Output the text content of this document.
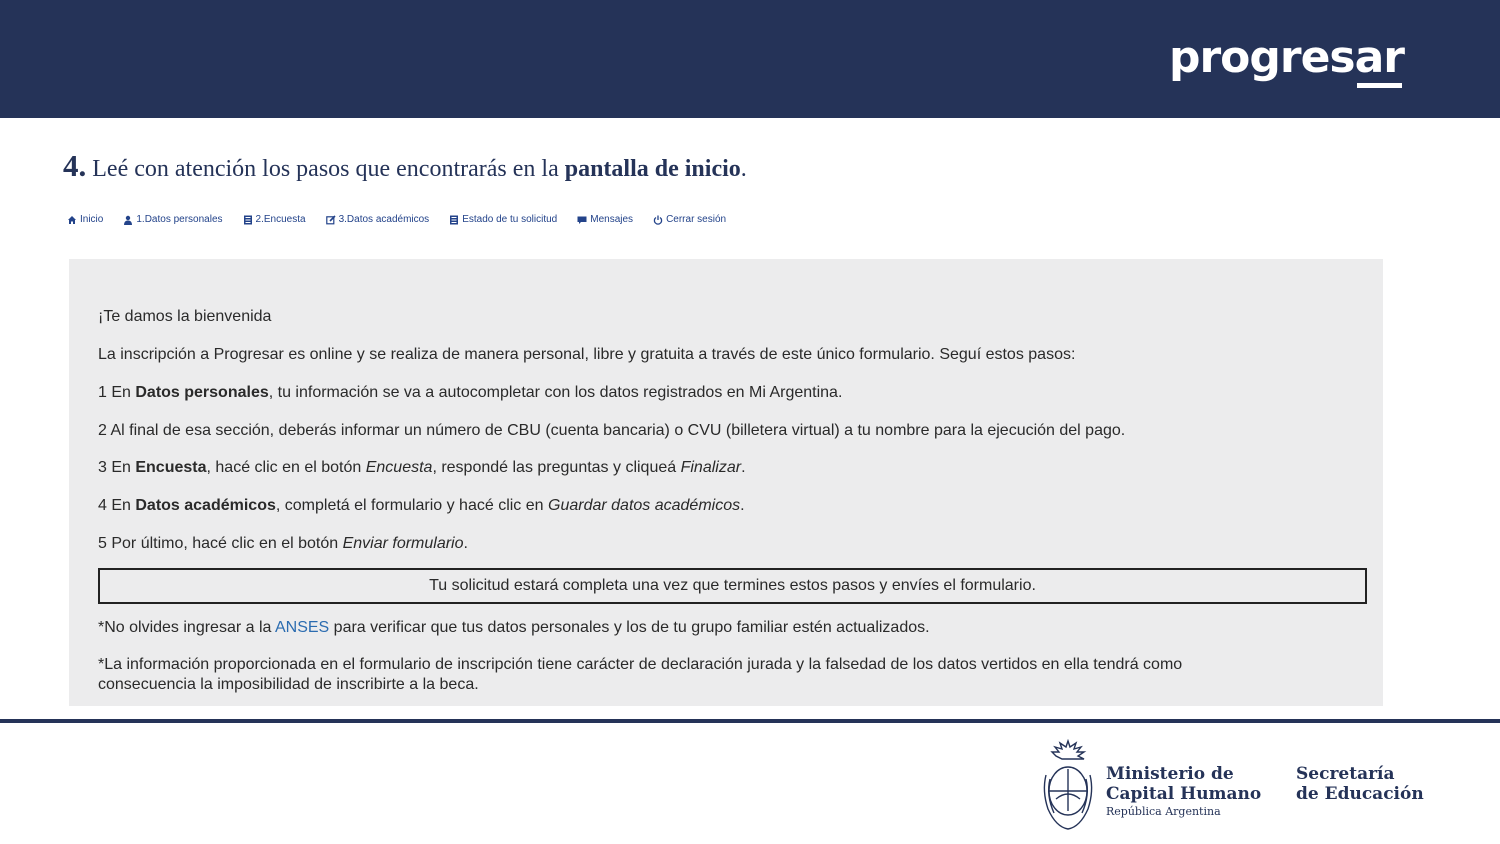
progresar
4. Leé con atención los pasos que encontrarás en la pantalla de inicio.
Inicio	1.Datos personales	2.Encuesta	3.Datos académicos	Estado de tu solicitud	Mensajes	Cerrar sesión

¡Te damos la bienvenida

La inscripción a Progresar es online y se realiza de manera personal, libre y gratuita a través de este único formulario. Seguí estos pasos:

1 En Datos personales, tu información se va a autocompletar con los datos registrados en Mi Argentina.

2 Al final de esa sección, deberás informar un número de CBU (cuenta bancaria) o CVU (billetera virtual) a tu nombre para la ejecución del pago.

3 En Encuesta, hacé clic en el botón Encuesta, respondé las preguntas y cliqueá Finalizar.

4 En Datos académicos, completá el formulario y hacé clic en Guardar datos académicos.

5 Por último, hacé clic en el botón Enviar formulario.

Tu solicitud estará completa una vez que termines estos pasos y envíes el formulario.

*No olvides ingresar a la ANSES para verificar que tus datos personales y los de tu grupo familiar estén actualizados.

*La información proporcionada en el formulario de inscripción tiene carácter de declaración jurada y la falsedad de los datos vertidos en ella tendrá como

consecuencia la imposibilidad de inscribirte a la beca.

Ministerio de
Capital Humano
República Argentina
Secretaría
de Educación
